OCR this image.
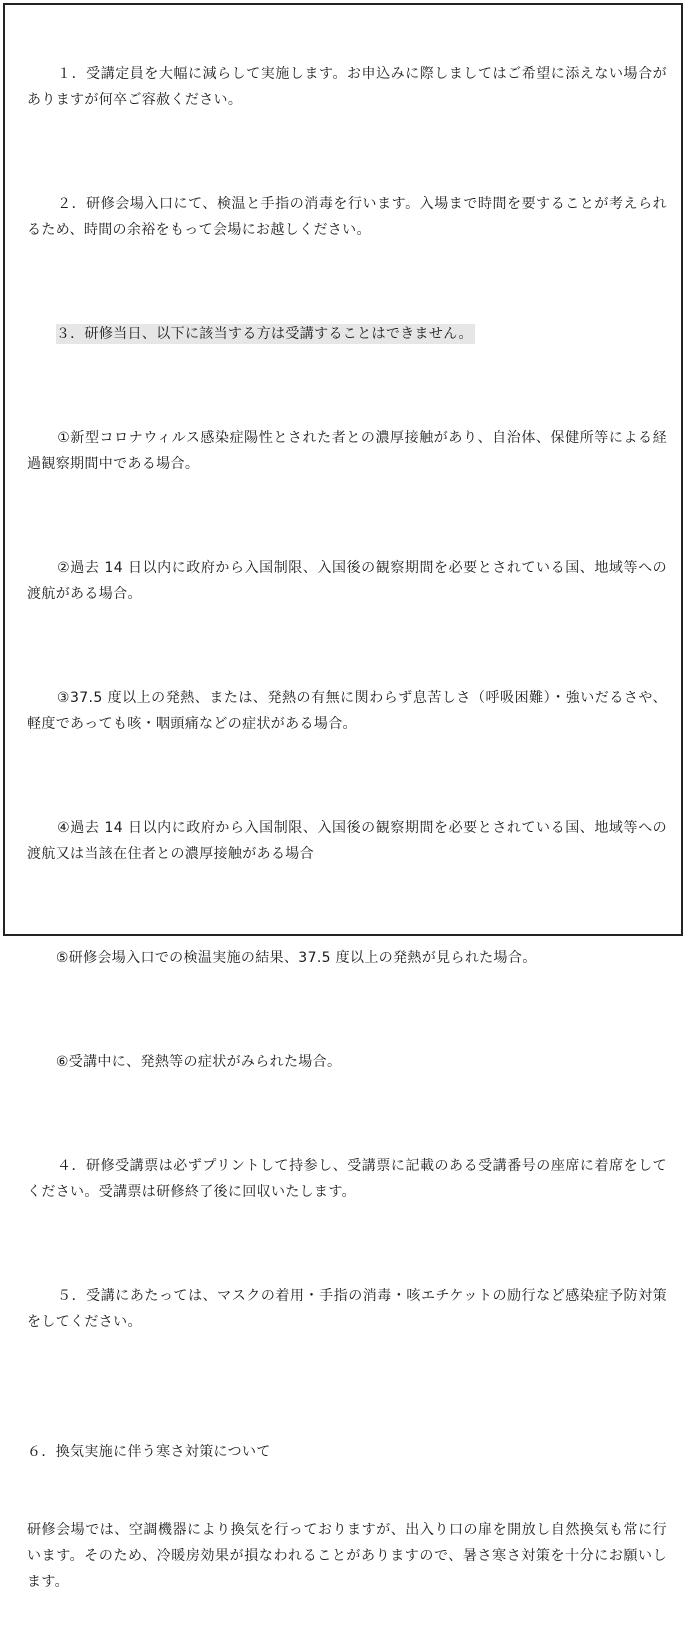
１．受講定員を大幅に減らして実施します。お申込みに際しましてはご希望に添えない場合がありますが何卒ご容赦ください。

２．研修会場入口にて、検温と手指の消毒を行います。入場まで時間を要することが考えられるため、時間の余裕をもって会場にお越しください。

３．研修当日、以下に該当する方は受講することはできません。

①新型コロナウィルス感染症陽性とされた者との濃厚接触があり、自治体、保健所等による経過観察期間中である場合。

②過去 14 日以内に政府から入国制限、入国後の観察期間を必要とされている国、地域等への渡航がある場合。

③37.5 度以上の発熱、または、発熱の有無に関わらず息苦しさ（呼吸困難）・強いだるさや、軽度であっても咳・咽頭痛などの症状がある場合。

④過去 14 日以内に政府から入国制限、入国後の観察期間を必要とされている国、地域等への渡航又は当該在住者との濃厚接触がある場合

⑤研修会場入口での検温実施の結果、37.5 度以上の発熱が見られた場合。

⑥受講中に、発熱等の症状がみられた場合。

４．研修受講票は必ずプリントして持参し、受講票に記載のある受講番号の座席に着席をしてください。受講票は研修終了後に回収いたします。

５．受講にあたっては、マスクの着用・手指の消毒・咳エチケットの励行など感染症予防対策をしてください。

６．換気実施に伴う寒さ対策について

研修会場では、空調機器により換気を行っておりますが、出入り口の扉を開放し自然換気も常に行います。そのため、冷暖房効果が損なわれることがありますので、暑さ寒さ対策を十分にお願いします。
